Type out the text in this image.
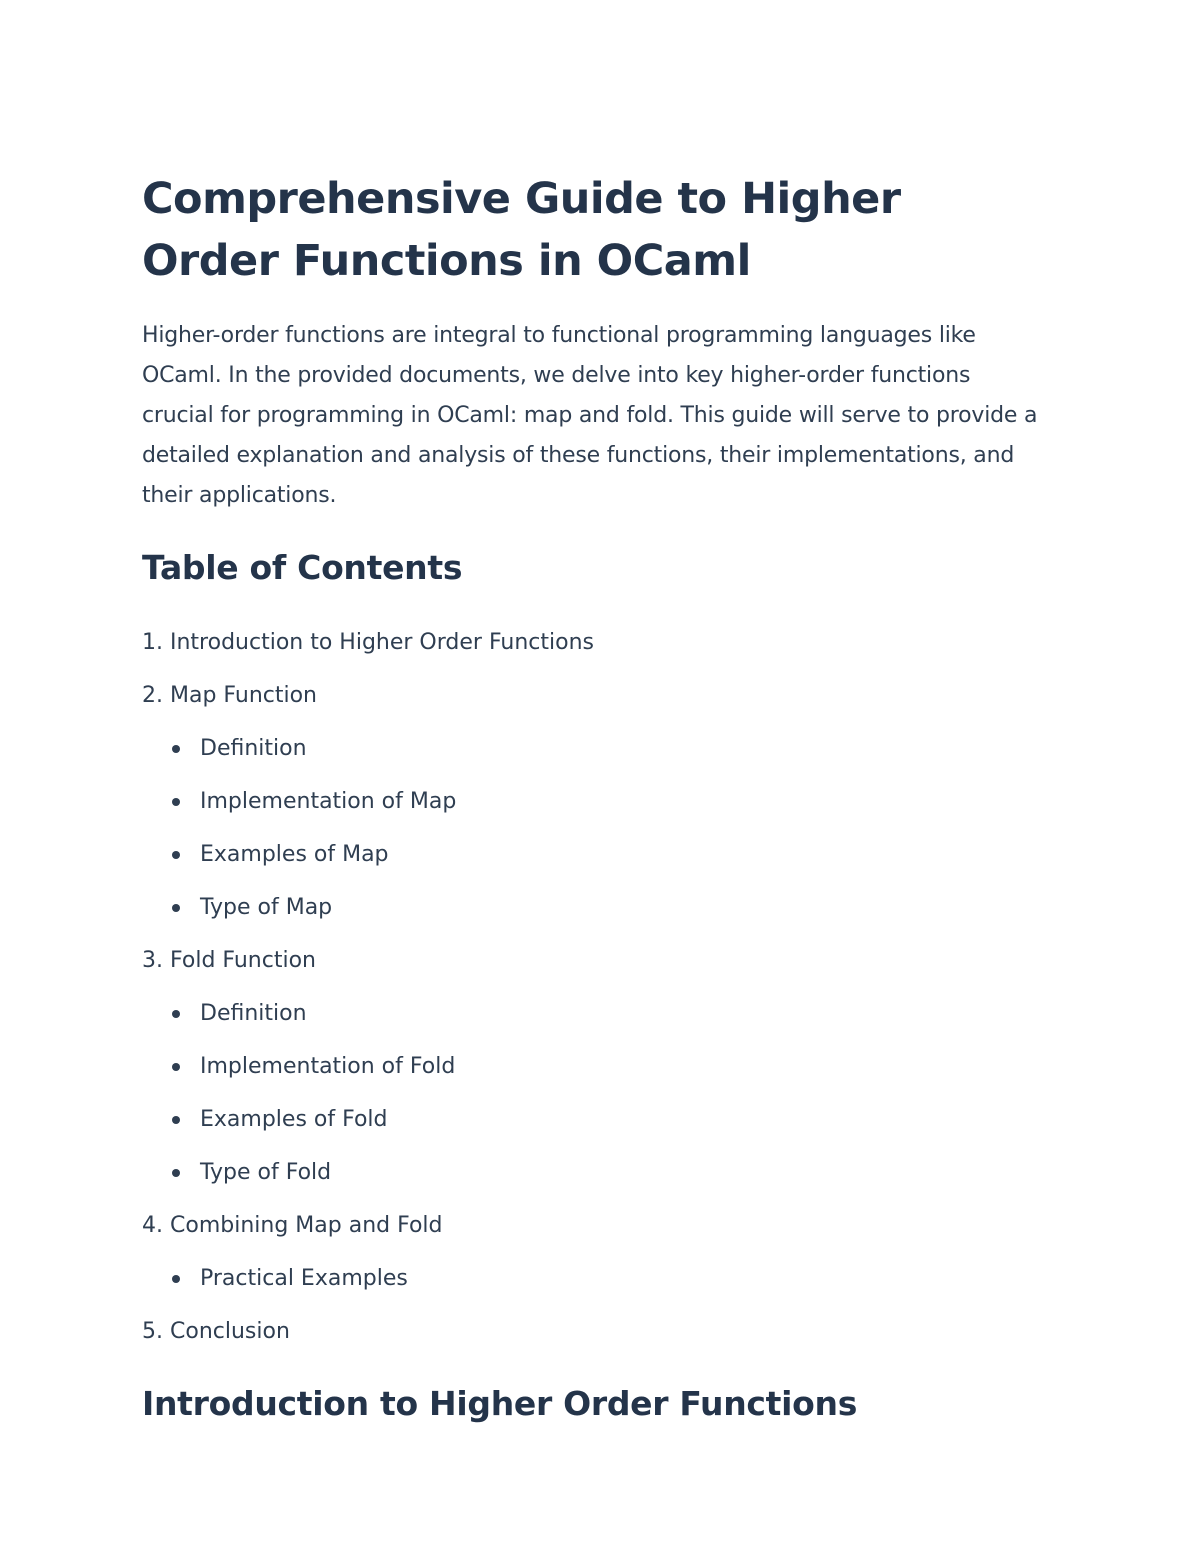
Comprehensive Guide to Higher Order Functions in OCaml

Higher-order functions are integral to functional programming languages like OCaml. In the provided documents, we delve into key higher-order functions crucial for programming in OCaml: map and fold. This guide will serve to provide a detailed explanation and analysis of these functions, their implementations, and their applications.

Table of Contents
1. Introduction to Higher Order Functions
2. Map Function
Definition
Implementation of Map
Examples of Map
Type of Map
3. Fold Function
Definition
Implementation of Fold
Examples of Fold
Type of Fold
4. Combining Map and Fold
Practical Examples
5. Conclusion
Introduction to Higher Order Functions
